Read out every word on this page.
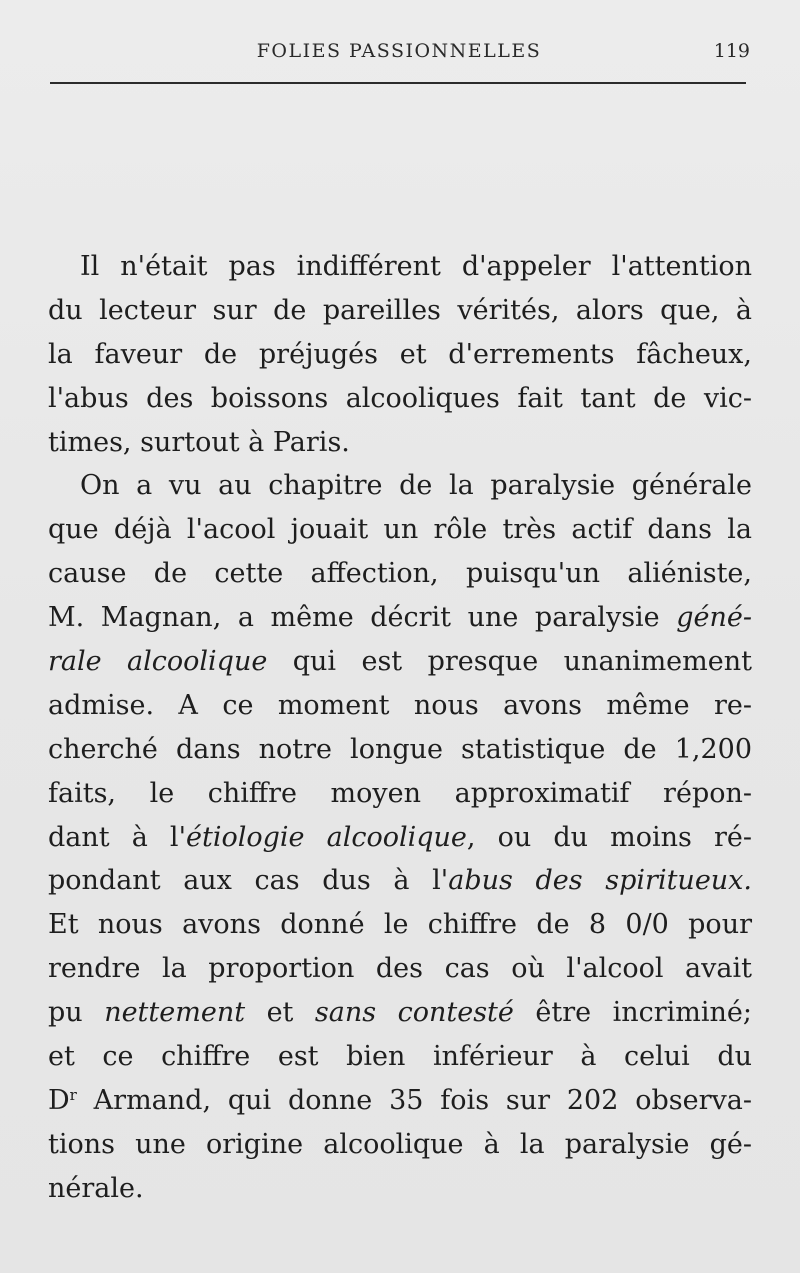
FOLIES PASSIONNELLES	119
Il n'était pas indifférent d'appeler l'attention
du lecteur sur de pareilles vérités, alors que, à
la faveur de préjugés et d'errements fâcheux,
l'abus des boissons alcooliques fait tant de vic-
times, surtout à Paris.
On a vu au chapitre de la paralysie générale
que déjà l'acool jouait un rôle très actif dans la
cause de cette affection, puisqu'un aliéniste,
M. Magnan, a même décrit une paralysie géné-
rale alcoolique qui est presque unanimement
admise. A ce moment nous avons même re-
cherché dans notre longue statistique de 1,200
faits, le chiffre moyen approximatif répon-
dant à l'étiologie alcoolique, ou du moins ré-
pondant aux cas dus à l'abus des spiritueux.
Et nous avons donné le chiffre de 8 0/0 pour
rendre la proportion des cas où l'alcool avait
pu nettement et sans contesté être incriminé;
et ce chiffre est bien inférieur à celui du
$D^r$ Armand, qui donne 35 fois sur 202 observa-
tions une origine alcoolique à la paralysie gé-
nérale.
